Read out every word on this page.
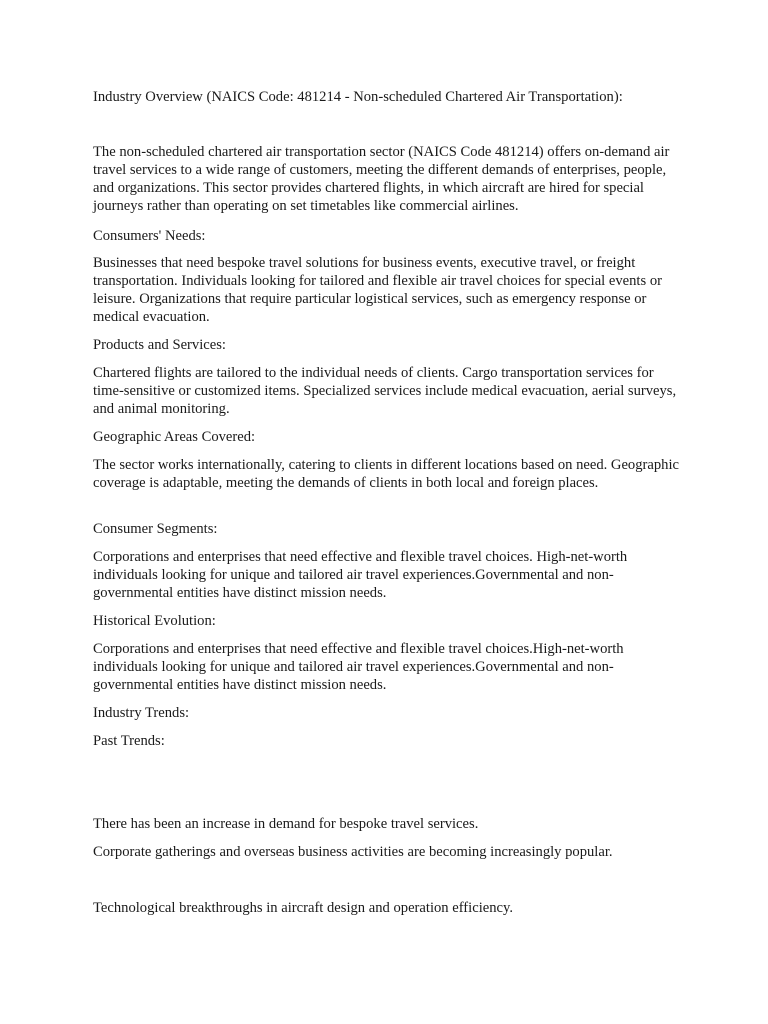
Industry Overview (NAICS Code: 481214 - Non-scheduled Chartered Air Transportation):

The non-scheduled chartered air transportation sector (NAICS Code 481214) offers on-demand air travel services to a wide range of customers, meeting the different demands of enterprises, people, and organizations. This sector provides chartered flights, in which aircraft are hired for special journeys rather than operating on set timetables like commercial airlines.

Consumers' Needs:

Businesses that need bespoke travel solutions for business events, executive travel, or freight transportation. Individuals looking for tailored and flexible air travel choices for special events or leisure. Organizations that require particular logistical services, such as emergency response or medical evacuation.

Products and Services:

Chartered flights are tailored to the individual needs of clients. Cargo transportation services for time-sensitive or customized items. Specialized services include medical evacuation, aerial surveys, and animal monitoring.

Geographic Areas Covered:

The sector works internationally, catering to clients in different locations based on need. Geographic coverage is adaptable, meeting the demands of clients in both local and foreign places.

Consumer Segments:

Corporations and enterprises that need effective and flexible travel choices. High-net-worth individuals looking for unique and tailored air travel experiences.Governmental and non-governmental entities have distinct mission needs.

Historical Evolution:

Corporations and enterprises that need effective and flexible travel choices.High-net-worth individuals looking for unique and tailored air travel experiences.Governmental and non-governmental entities have distinct mission needs.

Industry Trends:

Past Trends:

There has been an increase in demand for bespoke travel services.

Corporate gatherings and overseas business activities are becoming increasingly popular.

Technological breakthroughs in aircraft design and operation efficiency.
